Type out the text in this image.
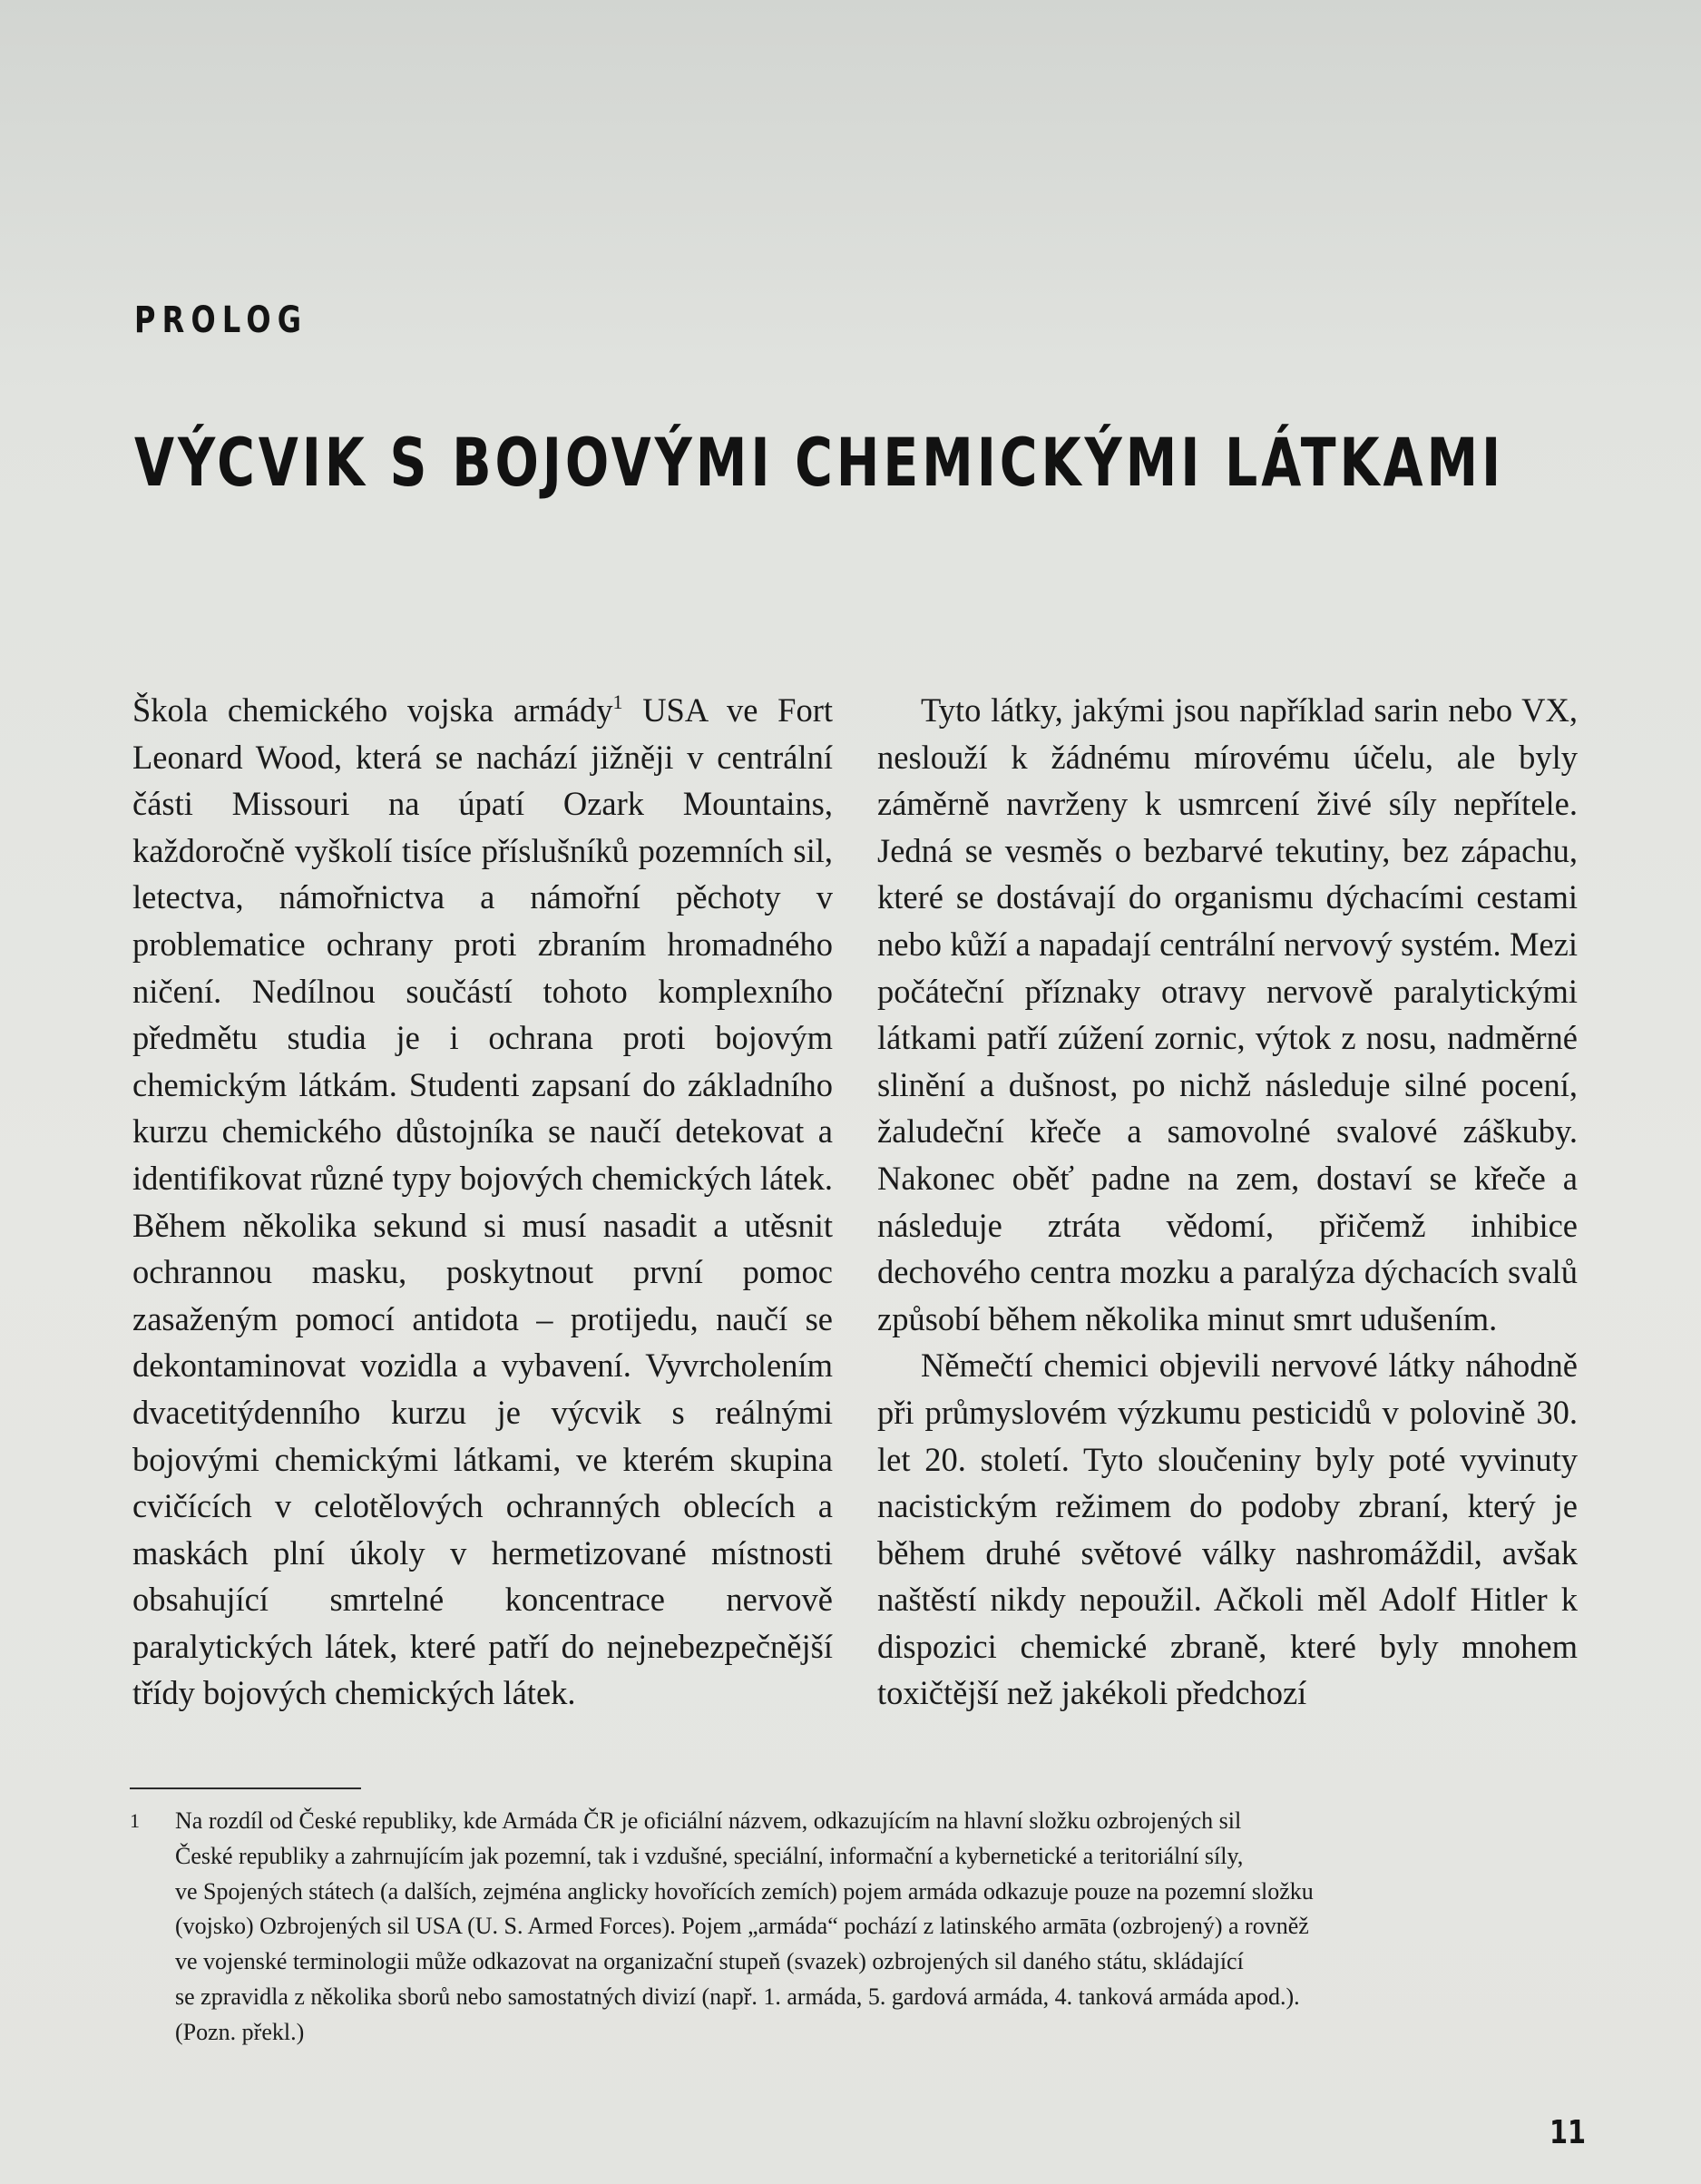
PROLOG
VÝCVIK S BOJOVÝMI CHEMICKÝMI LÁTKAMI

Škola chemického vojska armády$^1$ USA ve Fort Leonard Wood, která se nachází jižněji v centrální části Missouri na úpatí Ozark Mountains, každoročně vyškolí tisíce příslušníků pozemních sil, letectva, námořnictva a námořní pěchoty v problematice ochrany proti zbraním hromadného ničení. Nedílnou součástí tohoto komplexního předmětu studia je i ochrana proti bojovým chemickým látkám. Studenti zapsaní do základního kurzu chemického důstojníka se naučí detekovat a identifikovat různé typy bojových chemických látek. Během několika sekund si musí nasadit a utěsnit ochrannou masku, poskytnout první pomoc zasaženým pomocí antidota – protijedu, naučí se dekontaminovat vozidla a vybavení. Vyvrcholením dvacetitýdenního kurzu je výcvik s reálnými bojovými chemickými látkami, ve kterém skupina cvičících v celotělových ochranných oblecích a maskách plní úkoly v hermetizované místnosti obsahující smrtelné koncentrace nervově paralytických látek, které patří do nejnebezpečnější třídy bojových chemických látek.

Tyto látky, jakými jsou například sarin nebo VX, neslouží k žádnému mírovému účelu, ale byly záměrně navrženy k usmrcení živé síly nepřítele. Jedná se vesměs o bezbarvé tekutiny, bez zápachu, které se dostávají do organismu dýchacími cestami nebo kůží a napadají centrální nervový systém. Mezi počáteční příznaky otravy nervově paralytickými látkami patří zúžení zornic, výtok z nosu, nadměrné slinění a dušnost, po nichž následuje silné pocení, žaludeční křeče a samovolné svalové záškuby. Nakonec oběť padne na zem, dostaví se křeče a následuje ztráta vědomí, přičemž inhibice dechového centra mozku a paralýza dýchacích svalů způsobí během několika minut smrt udušením.

Němečtí chemici objevili nervové látky náhodně při průmyslovém výzkumu pesticidů v polovině 30. let 20. století. Tyto sloučeniny byly poté vyvinuty nacistickým režimem do podoby zbraní, který je během druhé světové války nashromáždil, avšak naštěstí nikdy nepoužil. Ačkoli měl Adolf Hitler k dispozici chemické zbraně, které byly mnohem toxičtější než jakékoli předchozí

1	Na rozdíl od České republiky, kde Armáda ČR je oficiální názvem, odkazujícím na hlavní složku ozbrojených sil
České republiky a zahrnujícím jak pozemní, tak i vzdušné, speciální, informační a kybernetické a teritoriální síly,
ve Spojených státech (a dalších, zejména anglicky hovořících zemích) pojem armáda odkazuje pouze na pozemní složku
(vojsko) Ozbrojených sil USA (U. S. Armed Forces). Pojem „armáda“ pochází z latinského armāta (ozbrojený) a rovněž
ve vojenské terminologii může odkazovat na organizační stupeň (svazek) ozbrojených sil daného státu, skládající
se zpravidla z několika sborů nebo samostatných divizí (např. 1. armáda, 5. gardová armáda, 4. tanková armáda apod.).
(Pozn. překl.)
11
